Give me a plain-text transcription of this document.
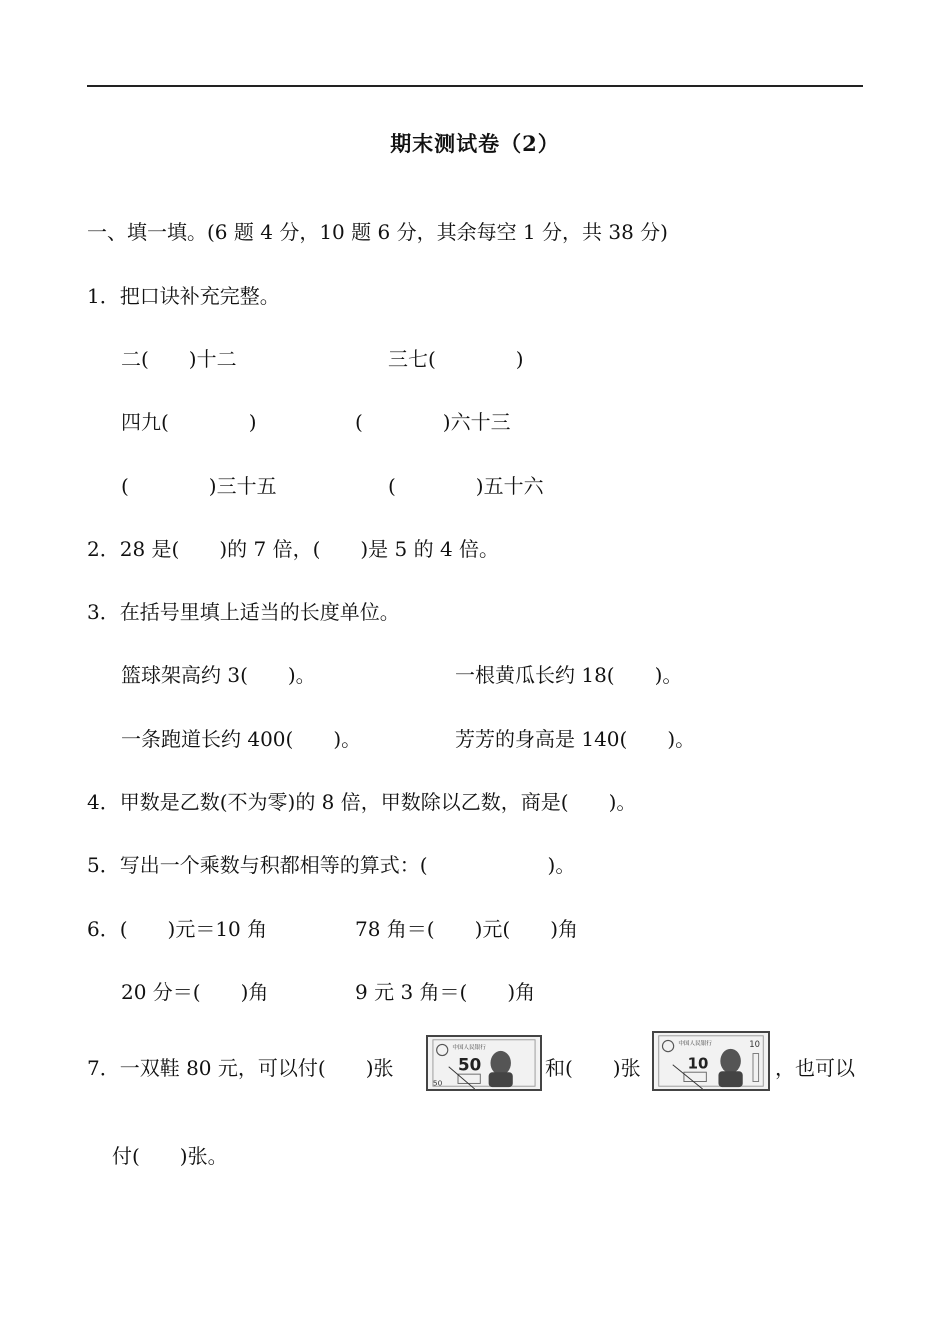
期末测试卷（2）
一、填一填。(6 题 4 分，10 题 6 分，其余每空 1 分，共 38 分)
1．把口诀补充完整。
二(　　)十二	三七(　　　　)
四九(　　　　)	(　　　　)六十三
(　　　　)三十五	(　　　　)五十六
2．28 是(　　)的 7 倍，(　　)是 5 的 4 倍。
3．在括号里填上适当的长度单位。
篮球架高约 3(　　)。	一根黄瓜长约 18(　　)。
一条跑道长约 400(　　)。	芳芳的身高是 140(　　)。
4．甲数是乙数(不为零)的 8 倍，甲数除以乙数，商是(　　)。
5．写出一个乘数与积都相等的算式：(　　　　　　)。
6．(　　)元＝10 角	78 角＝(　　)元(　　)角
20 分＝(　　)角	9 元 3 角＝(　　)角
7．一双鞋 80 元，可以付(　　)张
中国人民银行
50
50
和(　　)张
中国人民银行
10
10
，也可以
付(　　)张。
